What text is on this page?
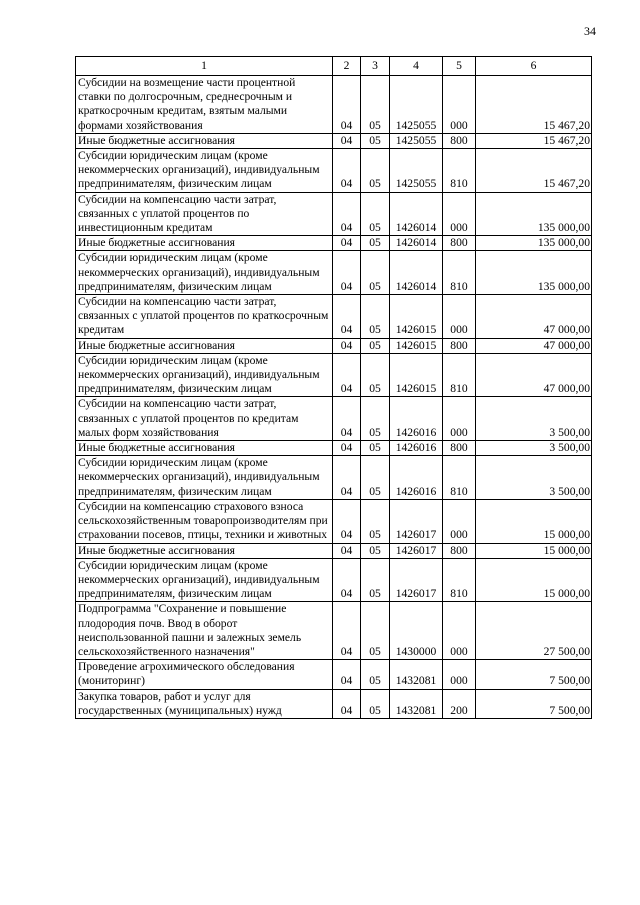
34
1	2	3	4	5	6
Субсидии на возмещение части процентной ставки по долгосрочным, среднесрочным и краткосрочным кредитам, взятым малыми формами хозяйствования	04	05	1425055	000	15 467,20
Иные бюджетные ассигнования	04	05	1425055	800	15 467,20
Субсидии юридическим лицам (кроме некоммерческих организаций), индивидуальным предпринимателям, физическим лицам	04	05	1425055	810	15 467,20
Субсидии на компенсацию части затрат, связанных с уплатой процентов по инвестиционным кредитам	04	05	1426014	000	135 000,00
Иные бюджетные ассигнования	04	05	1426014	800	135 000,00
Субсидии юридическим лицам (кроме некоммерческих организаций), индивидуальным предпринимателям, физическим лицам	04	05	1426014	810	135 000,00
Субсидии на компенсацию части затрат, связанных с уплатой процентов по краткосрочным кредитам	04	05	1426015	000	47 000,00
Иные бюджетные ассигнования	04	05	1426015	800	47 000,00
Субсидии юридическим лицам (кроме некоммерческих организаций), индивидуальным предпринимателям, физическим лицам	04	05	1426015	810	47 000,00
Субсидии на компенсацию части затрат, связанных с уплатой процентов по кредитам малых форм хозяйствования	04	05	1426016	000	3 500,00
Иные бюджетные ассигнования	04	05	1426016	800	3 500,00
Субсидии юридическим лицам (кроме некоммерческих организаций), индивидуальным предпринимателям, физическим лицам	04	05	1426016	810	3 500,00
Субсидии на компенсацию страхового взноса сельскохозяйственным товаропроизводителям при страховании посевов, птицы, техники и животных	04	05	1426017	000	15 000,00
Иные бюджетные ассигнования	04	05	1426017	800	15 000,00
Субсидии юридическим лицам (кроме некоммерческих организаций), индивидуальным предпринимателям, физическим лицам	04	05	1426017	810	15 000,00
Подпрограмма "Сохранение и повышение плодородия почв. Ввод в оборот неиспользованной пашни и залежных земель сельскохозяйственного назначения"	04	05	1430000	000	27 500,00
Проведение агрохимического обследования (мониторинг)	04	05	1432081	000	7 500,00
Закупка товаров, работ и услуг для государственных (муниципальных) нужд	04	05	1432081	200	7 500,00
